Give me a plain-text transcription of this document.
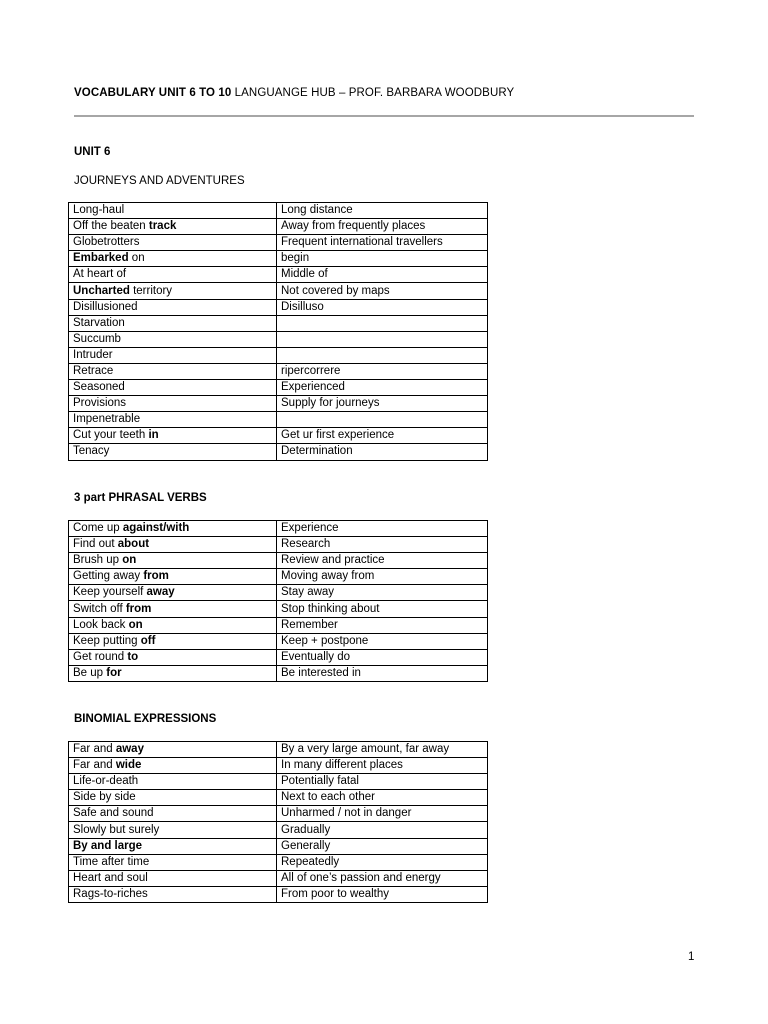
VOCABULARY UNIT 6 TO 10 LANGUANGE HUB – PROF. BARBARA WOODBURY
UNIT 6
JOURNEYS AND ADVENTURES
Long-haul	Long distance
Off the beaten track	Away from frequently places
Globetrotters	Frequent international travellers
Embarked on	begin
At heart of	Middle of
Uncharted territory	Not covered by maps
Disillusioned	Disilluso
Starvation	
Succumb	
Intruder	
Retrace	ripercorrere
Seasoned	Experienced
Provisions	Supply for journeys
Impenetrable	
Cut your teeth in	Get ur first experience
Tenacy	Determination
3 part PHRASAL VERBS
Come up against/with	Experience
Find out about	Research
Brush up on	Review and practice
Getting away from	Moving away from
Keep yourself away	Stay away
Switch off from	Stop thinking about
Look back on	Remember
Keep putting off	Keep + postpone
Get round to	Eventually do
Be up for	Be interested in
BINOMIAL EXPRESSIONS
Far and away	By a very large amount, far away
Far and wide	In many different places
Life-or-death	Potentially fatal
Side by side	Next to each other
Safe and sound	Unharmed / not in danger
Slowly but surely	Gradually
By and large	Generally
Time after time	Repeatedly
Heart and soul	All of one’s passion and energy
Rags-to-riches	From poor to wealthy
1
